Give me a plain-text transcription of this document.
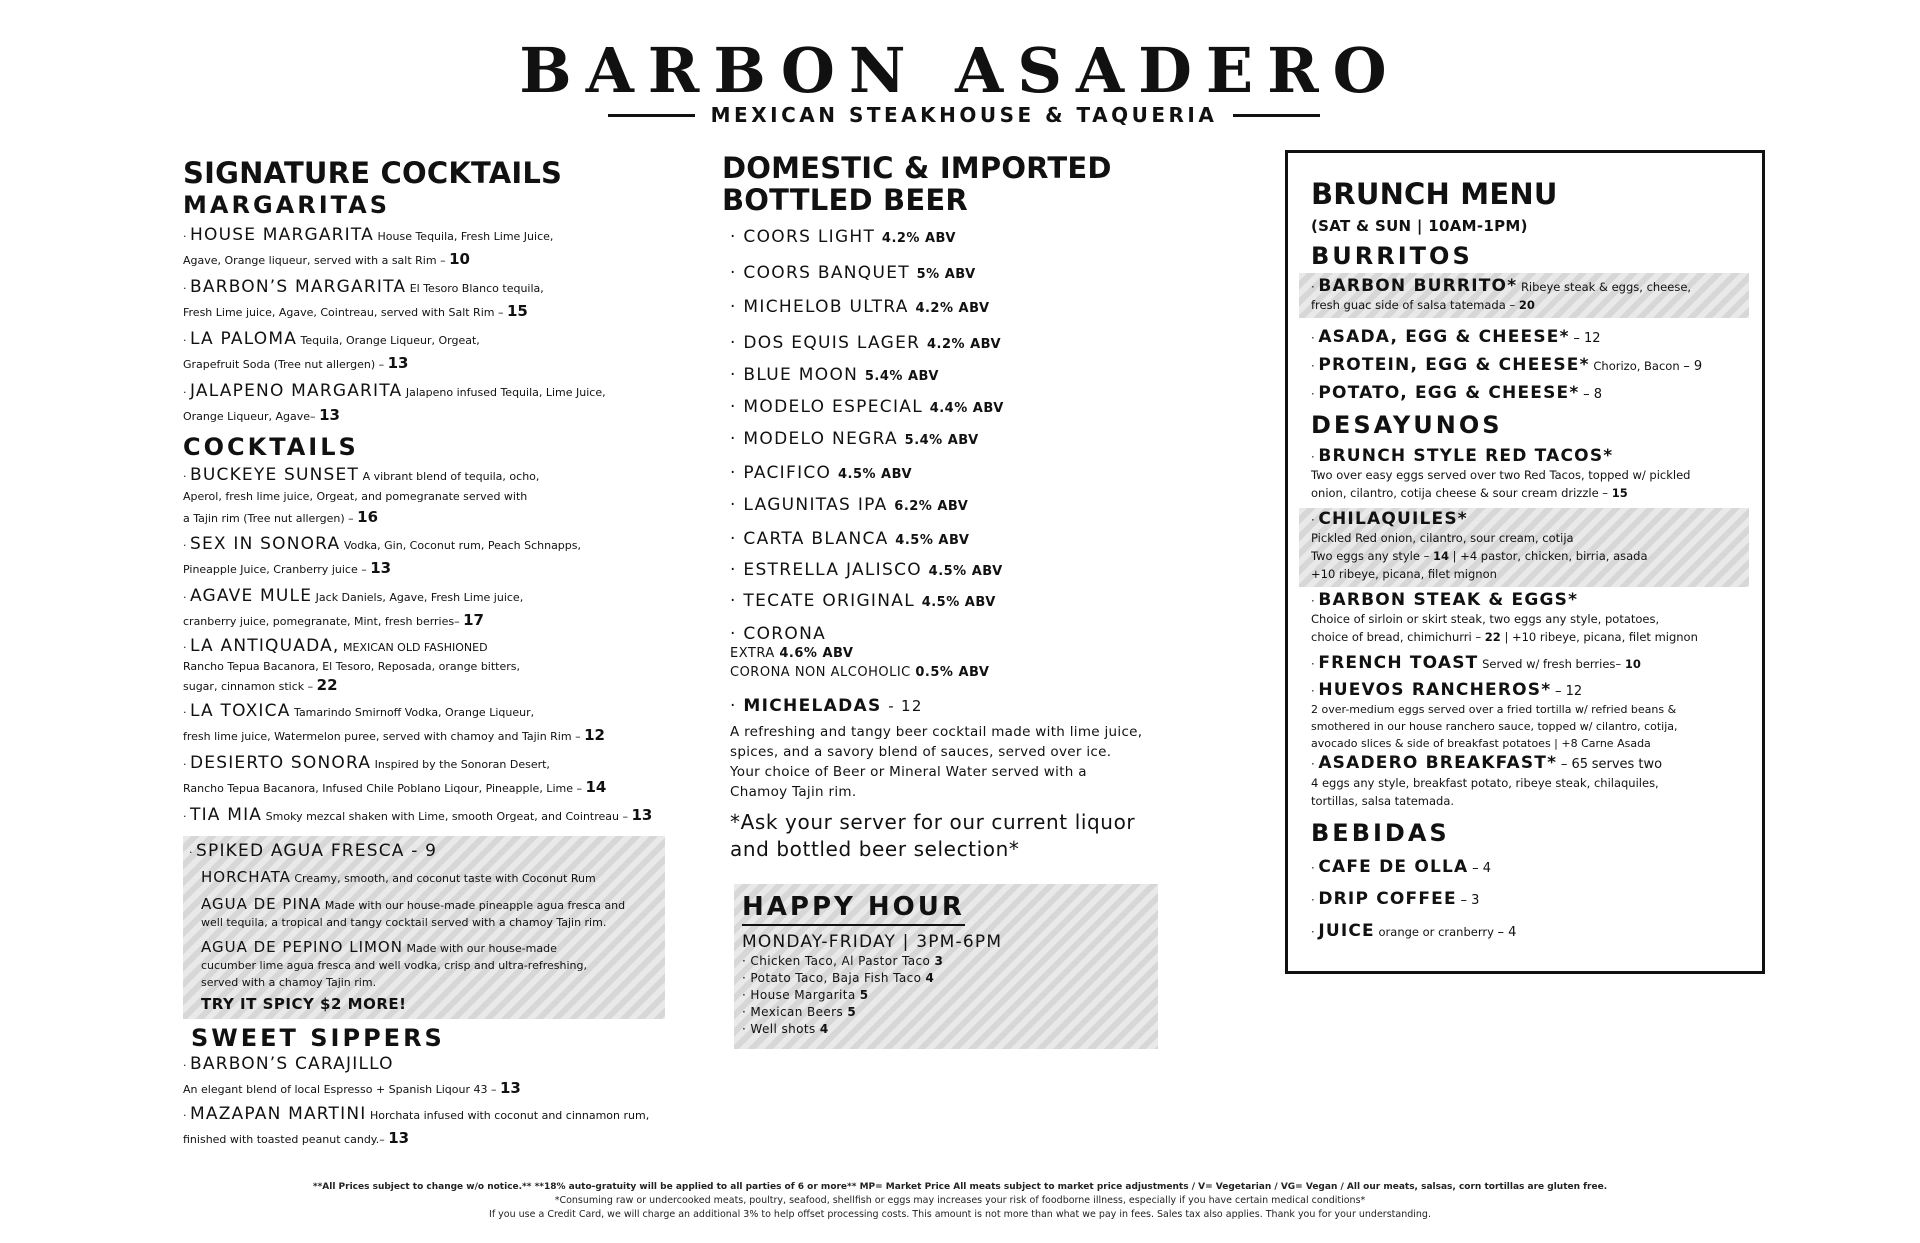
BARBON ASADERO
MEXICAN STEAKHOUSE & TAQUERIA
SIGNATURE COCKTAILS
MARGARITAS
· HOUSE MARGARITA House Tequila, Fresh Lime Juice,
Agave, Orange liqueur, served with a salt Rim – 10
· BARBON’S MARGARITA El Tesoro Blanco tequila,
Fresh Lime juice, Agave, Cointreau, served with Salt Rim – 15
· LA PALOMA Tequila, Orange Liqueur, Orgeat,
Grapefruit Soda (Tree nut allergen) – 13
· JALAPENO MARGARITA Jalapeno infused Tequila, Lime Juice,
Orange Liqueur, Agave– 13
COCKTAILS
· BUCKEYE SUNSET A vibrant blend of tequila, ocho,
Aperol, fresh lime juice, Orgeat, and pomegranate served with
a Tajin rim (Tree nut allergen) – 16
· SEX IN SONORA Vodka, Gin, Coconut rum, Peach Schnapps,
Pineapple Juice, Cranberry juice – 13
· AGAVE MULE Jack Daniels, Agave, Fresh Lime juice,
cranberry juice, pomegranate, Mint, fresh berries– 17
· LA ANTIQUADA, MEXICAN OLD FASHIONED
Rancho Tepua Bacanora, El Tesoro, Reposada, orange bitters,
sugar, cinnamon stick – 22
· LA TOXICA Tamarindo Smirnoff Vodka, Orange Liqueur,
fresh lime juice, Watermelon puree, served with chamoy and Tajin Rim – 12
· DESIERTO SONORA Inspired by the Sonoran Desert,
Rancho Tepua Bacanora, Infused Chile Poblano Liqour, Pineapple, Lime – 14
· TIA MIA Smoky mezcal shaken with Lime, smooth Orgeat, and Cointreau – 13
· SPIKED AGUA FRESCA - 9
HORCHATA Creamy, smooth, and coconut taste with Coconut Rum
AGUA DE PINA Made with our house-made pineapple agua fresca and
well tequila, a tropical and tangy cocktail served with a chamoy Tajin rim.
AGUA DE PEPINO LIMON Made with our house-made
cucumber lime agua fresca and well vodka, crisp and ultra-refreshing,
served with a chamoy Tajin rim.
TRY IT SPICY $2 MORE!
SWEET SIPPERS
· BARBON’S CARAJILLO
An elegant blend of local Espresso + Spanish Liqour 43 – 13
· MAZAPAN MARTINI Horchata infused with coconut and cinnamon rum,
finished with toasted peanut candy.– 13
DOMESTIC & IMPORTED
BOTTLED BEER
· COORS LIGHT 4.2% ABV
· COORS BANQUET 5% ABV
· MICHELOB ULTRA 4.2% ABV
· DOS EQUIS LAGER 4.2% ABV
· BLUE MOON 5.4% ABV
· MODELO ESPECIAL 4.4% ABV
· MODELO NEGRA 5.4% ABV
· PACIFICO 4.5% ABV
· LAGUNITAS IPA 6.2% ABV
· CARTA BLANCA 4.5% ABV
· ESTRELLA JALISCO 4.5% ABV
· TECATE ORIGINAL 4.5% ABV
· CORONA
EXTRA 4.6% ABV
CORONA NON ALCOHOLIC 0.5% ABV
· MICHELADAS - 12
A refreshing and tangy beer cocktail made with lime juice,
spices, and a savory blend of sauces, served over ice.
Your choice of Beer or Mineral Water served with a
Chamoy Tajin rim.
*Ask your server for our current liquor
and bottled beer selection*
HAPPY HOUR
MONDAY-FRIDAY | 3PM-6PM
· Chicken Taco, Al Pastor Taco 3
· Potato Taco, Baja Fish Taco 4
· House Margarita 5
· Mexican Beers 5
· Well shots 4
BRUNCH MENU
(SAT & SUN | 10AM-1PM)
BURRITOS
· BARBON BURRITO* Ribeye steak & eggs, cheese,
fresh guac side of salsa tatemada – 20
· ASADA, EGG & CHEESE* – 12
· PROTEIN, EGG & CHEESE* Chorizo, Bacon – 9
· POTATO, EGG & CHEESE* – 8
DESAYUNOS
· BRUNCH STYLE RED TACOS*
Two over easy eggs served over two Red Tacos, topped w/ pickled
onion, cilantro, cotija cheese & sour cream drizzle – 15
· CHILAQUILES*
Pickled Red onion, cilantro, sour cream, cotija
Two eggs any style – 14 | +4 pastor, chicken, birria, asada
+10 ribeye, picana, filet mignon
· BARBON STEAK & EGGS*
Choice of sirloin or skirt steak, two eggs any style, potatoes,
choice of bread, chimichurri – 22 | +10 ribeye, picana, filet mignon
· FRENCH TOAST Served w/ fresh berries– 10
· HUEVOS RANCHEROS* – 12
2 over-medium eggs served over a fried tortilla w/ refried beans &
smothered in our house ranchero sauce, topped w/ cilantro, cotija,
avocado slices & side of breakfast potatoes | +8 Carne Asada
· ASADERO BREAKFAST* – 65 serves two
4 eggs any style, breakfast potato, ribeye steak, chilaquiles,
tortillas, salsa tatemada.
BEBIDAS
· CAFE DE OLLA – 4
· DRIP COFFEE – 3
· JUICE orange or cranberry – 4
**All Prices subject to change w/o notice.** **18% auto-gratuity will be applied to all parties of 6 or more** MP= Market Price All meats subject to market price adjustments / V= Vegetarian / VG= Vegan / All our meats, salsas, corn tortillas are gluten free.
*Consuming raw or undercooked meats, poultry, seafood, shellfish or eggs may increases your risk of foodborne illness, especially if you have certain medical conditions*
If you use a Credit Card, we will charge an additional 3% to help offset processing costs. This amount is not more than what we pay in fees. Sales tax also applies. Thank you for your understanding.
